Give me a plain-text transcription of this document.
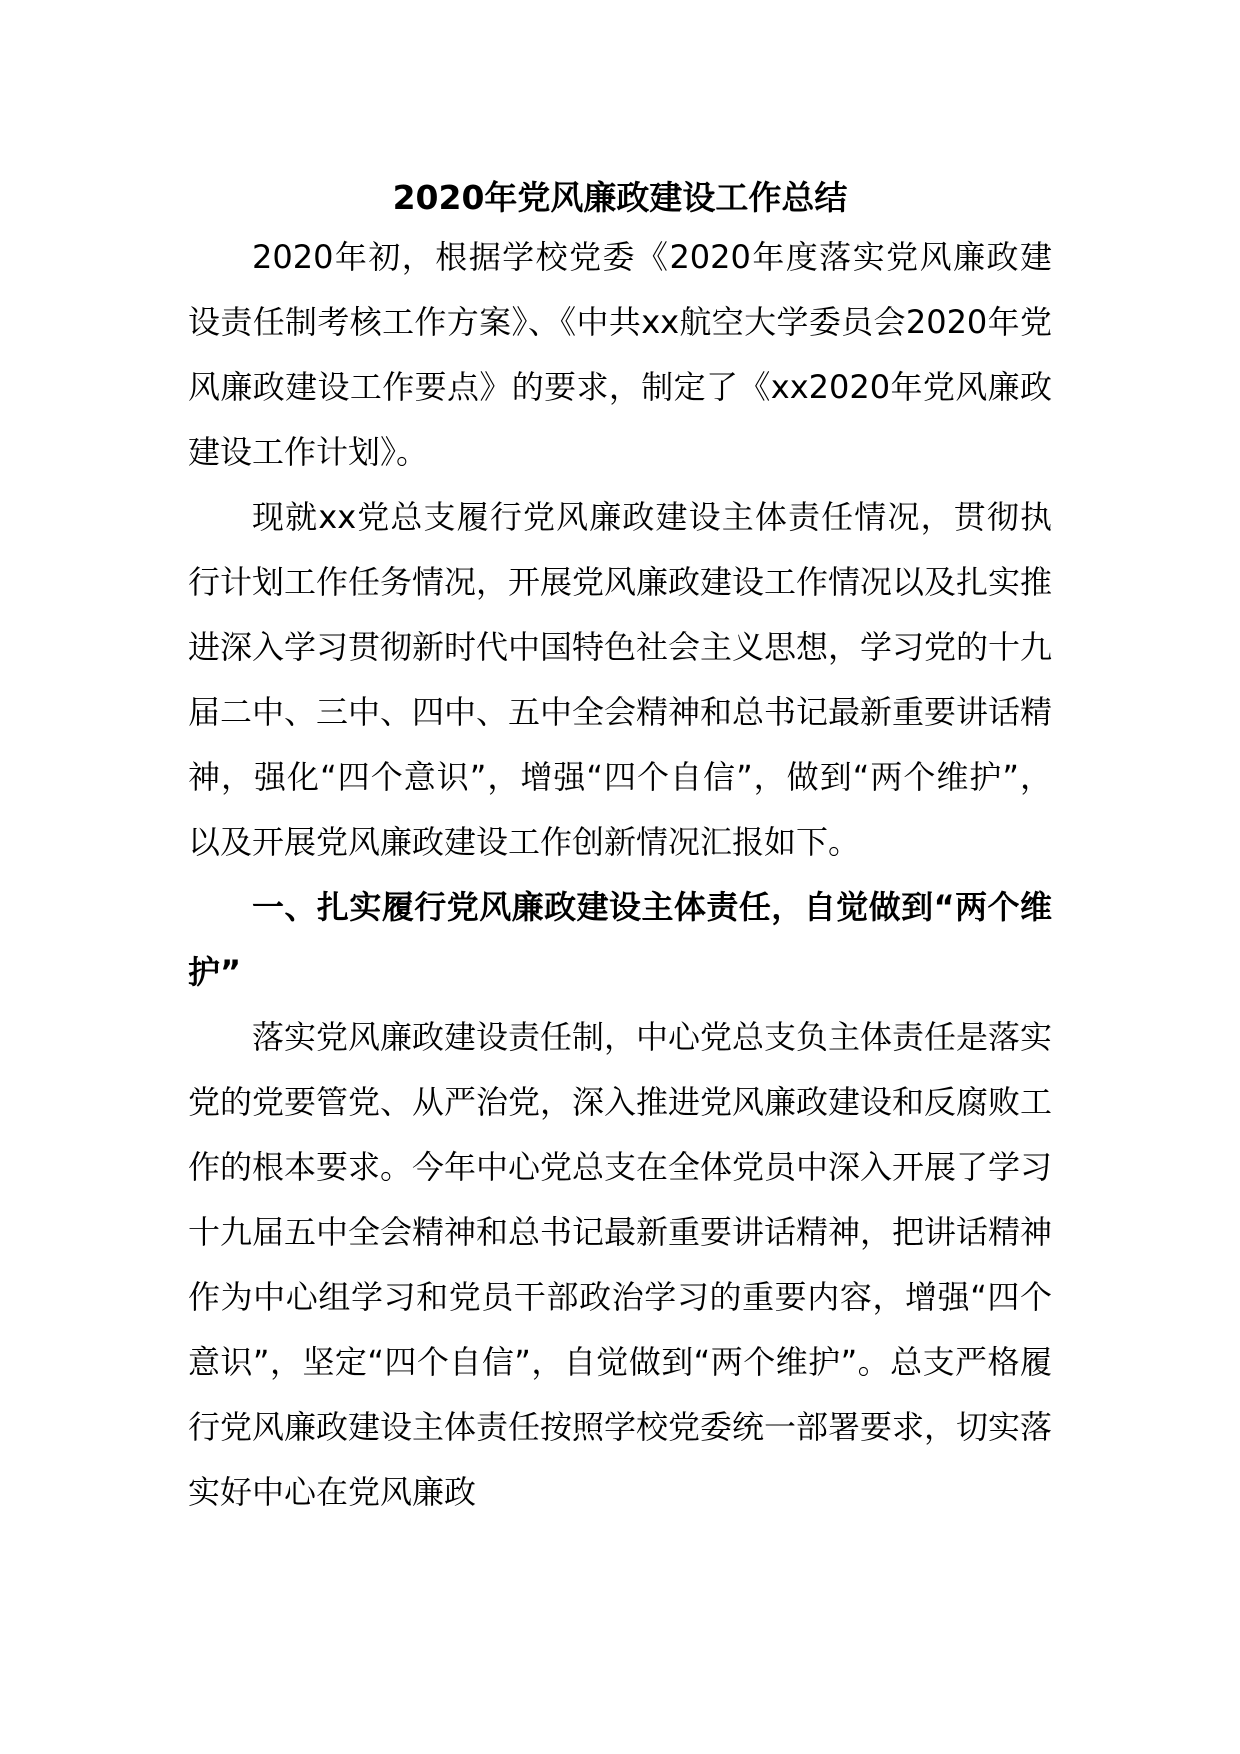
2020年党风廉政建设工作总结

2020年初，根据学校党委《2020年度落实党风廉政建设责任制考核工作方案》、《中共xx航空大学委员会2020年党风廉政建设工作要点》的要求，制定了《xx2020年党风廉政建设工作计划》。

现就xx党总支履行党风廉政建设主体责任情况，贯彻执行计划工作任务情况，开展党风廉政建设工作情况以及扎实推进深入学习贯彻新时代中国特色社会主义思想，学习党的十九届二中、三中、四中、五中全会精神和总书记最新重要讲话精神，强化“四个意识”，增强“四个自信”，做到“两个维护”，以及开展党风廉政建设工作创新情况汇报如下。

一、扎实履行党风廉政建设主体责任，自觉做到“两个维护”

落实党风廉政建设责任制，中心党总支负主体责任是落实党的党要管党、从严治党，深入推进党风廉政建设和反腐败工作的根本要求。今年中心党总支在全体党员中深入开展了学习十九届五中全会精神和总书记最新重要讲话精神，把讲话精神作为中心组学习和党员干部政治学习的重要内容，增强“四个意识”，坚定“四个自信”，自觉做到“两个维护”。总支严格履行党风廉政建设主体责任按照学校党委统一部署要求，切实落实好中心在党风廉政
